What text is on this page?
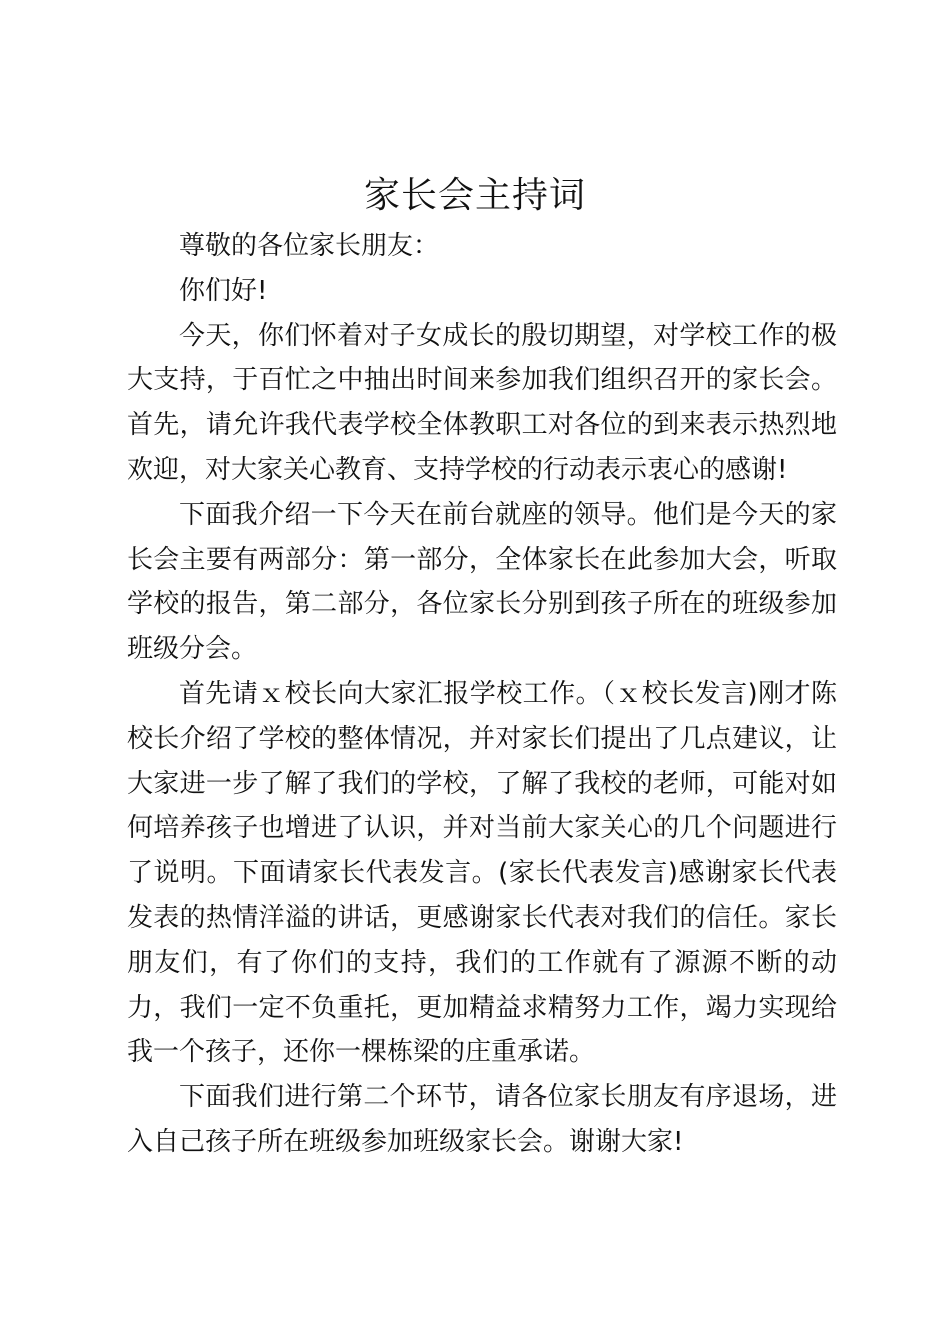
家长会主持词

尊敬的各位家长朋友：

你们好!

今天，你们怀着对子女成长的殷切期望，对学校工作的极大支持，于百忙之中抽出时间来参加我们组织召开的家长会。首先，请允许我代表学校全体教职工对各位的到来表示热烈地欢迎，对大家关心教育、支持学校的行动表示衷心的感谢!

下面我介绍一下今天在前台就座的领导。他们是今天的家长会主要有两部分：第一部分，全体家长在此参加大会，听取学校的报告，第二部分，各位家长分别到孩子所在的班级参加班级分会。

首先请ｘ校长向大家汇报学校工作。（ｘ校长发言)刚才陈校长介绍了学校的整体情况，并对家长们提出了几点建议，让大家进一步了解了我们的学校，了解了我校的老师，可能对如何培养孩子也增进了认识，并对当前大家关心的几个问题进行了说明。下面请家长代表发言。(家长代表发言)感谢家长代表发表的热情洋溢的讲话，更感谢家长代表对我们的信任。家长朋友们，有了你们的支持，我们的工作就有了源源不断的动力，我们一定不负重托，更加精益求精努力工作，竭力实现给我一个孩子，还你一棵栋梁的庄重承诺。

下面我们进行第二个环节，请各位家长朋友有序退场，进入自己孩子所在班级参加班级家长会。谢谢大家!
